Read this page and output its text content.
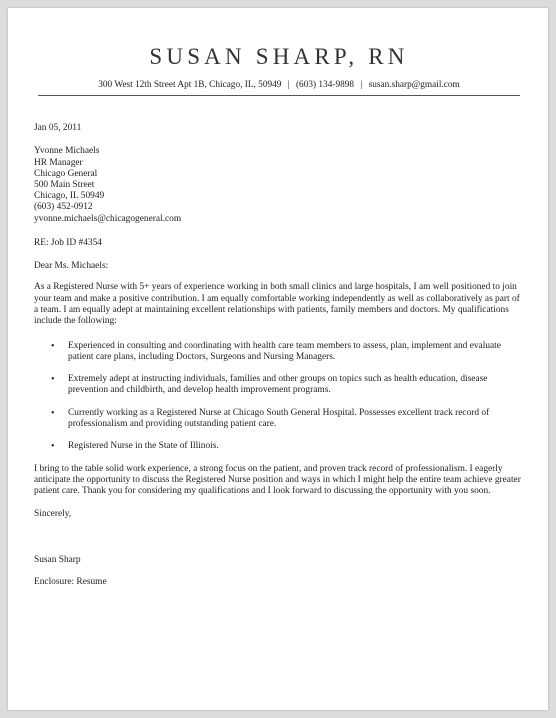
SUSAN SHARP, RN
300 West 12th Street Apt 1B, Chicago, IL, 50949 | (603) 134-9898 | susan.sharp@gmail.com
Jan 05, 2011
Yvonne Michaels
HR Manager
Chicago General
500 Main Street
Chicago, IL 50949
(603) 452-0912
yvonne.michaels@chicagogeneral.com
RE: Job ID #4354
Dear Ms. Michaels:
As a Registered Nurse with 5+ years of experience working in both small clinics and large hospitals, I am well positioned to join your team and make a positive contribution. I am equally comfortable working independently as well as collaboratively as part of a team. I am equally adept at maintaining excellent relationships with patients, family members and doctors. My qualifications include the following:
• Experienced in consulting and coordinating with health care team members to assess, plan, implement and evaluate patient care plans, including Doctors, Surgeons and Nursing Managers.
• Extremely adept at instructing individuals, families and other groups on topics such as health education, disease prevention and childbirth, and develop health improvement programs.
• Currently working as a Registered Nurse at Chicago South General Hospital. Possesses excellent track record of professionalism and providing outstanding patient care.
• Registered Nurse in the State of Illinois.
I bring to the table solid work experience, a strong focus on the patient, and proven track record of professionalism. I eagerly anticipate the opportunity to discuss the Registered Nurse position and ways in which I might help the entire team achieve greater patient care. Thank you for considering my qualifications and I look forward to discussing the opportunity with you soon.
Sincerely,
Susan Sharp
Enclosure: Resume
